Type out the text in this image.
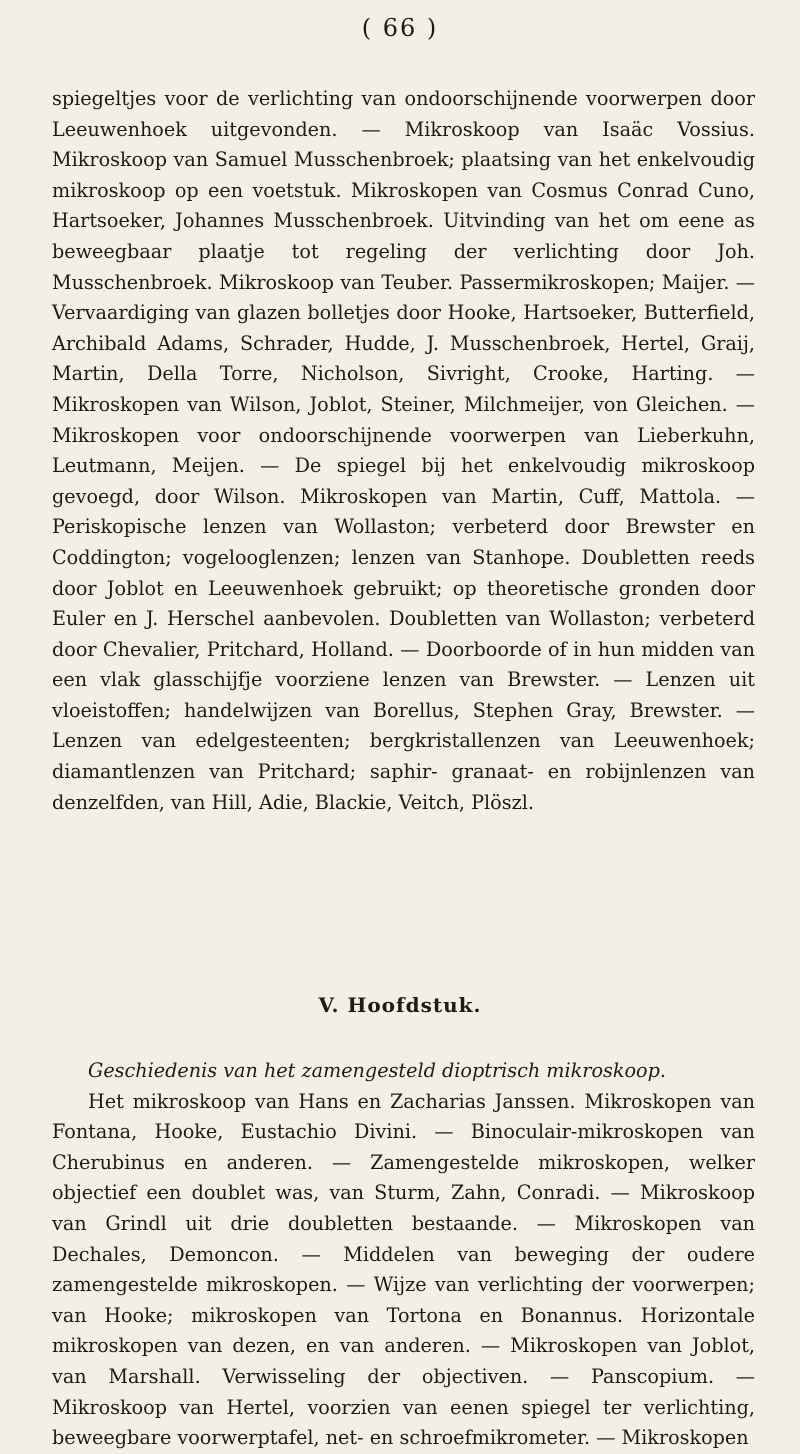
( 66 )

spiegeltjes voor de verlichting van ondoorschijnende voorwerpen door Leeuwenhoek uitgevonden. — Mikroskoop van Isaäc Vossius. Mikroskoop van Samuel Musschenbroek; plaatsing van het enkelvoudig mikroskoop op een voetstuk. Mikroskopen van Cosmus Conrad Cuno, Hartsoeker, Johannes Musschenbroek. Uitvinding van het om eene as beweegbaar plaatje tot regeling der verlichting door Joh. Musschenbroek. Mikroskoop van Teuber. Passermikroskopen; Maijer. — Vervaardiging van glazen bolletjes door Hooke, Hartsoeker, Butterfield, Archibald Adams, Schrader, Hudde, J. Musschenbroek, Hertel, Graij, Martin, Della Torre, Nicholson, Sivright, Crooke, Harting. — Mikroskopen van Wilson, Joblot, Steiner, Milchmeijer, von Gleichen. — Mikroskopen voor ondoorschijnende voorwerpen van Lieberkuhn, Leutmann, Meijen. — De spiegel bij het enkelvoudig mikroskoop gevoegd, door Wilson. Mikroskopen van Martin, Cuff, Mattola. — Periskopische lenzen van Wollaston; verbeterd door Brewster en Coddington; vogelooglenzen; lenzen van Stanhope. Doubletten reeds door Joblot en Leeuwenhoek gebruikt; op theoretische gronden door Euler en J. Herschel aanbevolen. Doubletten van Wollaston; verbeterd door Chevalier, Pritchard, Holland. — Doorboorde of in hun midden van een vlak glasschijfje voorziene lenzen van Brewster. — Lenzen uit vloeistoffen; handelwijzen van Borellus, Stephen Gray, Brewster. — Lenzen van edelgesteenten; bergkristallenzen van Leeuwenhoek; diamantlenzen van Pritchard; saphir- granaat- en robijnlenzen van denzelfden, van Hill, Adie, Blackie, Veitch, Plöszl.

V. Hoofdstuk.

Geschiedenis van het zamengesteld dioptrisch mikroskoop.

Het mikroskoop van Hans en Zacharias Janssen. Mikroskopen van Fontana, Hooke, Eustachio Divini. — Binoculair-mikroskopen van Cherubinus en anderen. — Zamengestelde mikroskopen, welker objectief een doublet was, van Sturm, Zahn, Conradi. — Mikroskoop van Grindl uit drie doubletten bestaande. — Mikroskopen van Dechales, Demoncon. — Middelen van beweging der oudere zamengestelde mikroskopen. — Wijze van verlichting der voorwerpen; van Hooke; mikroskopen van Tortona en Bonannus. Horizontale mikroskopen van dezen, en van anderen. — Mikroskopen van Joblot, van Marshall. Verwisseling der objectiven. — Panscopium. — Mikroskoop van Hertel, voorzien van eenen spiegel ter verlichting, beweegbare voorwerptafel, net- en schroefmikrometer. — Mikroskopen
